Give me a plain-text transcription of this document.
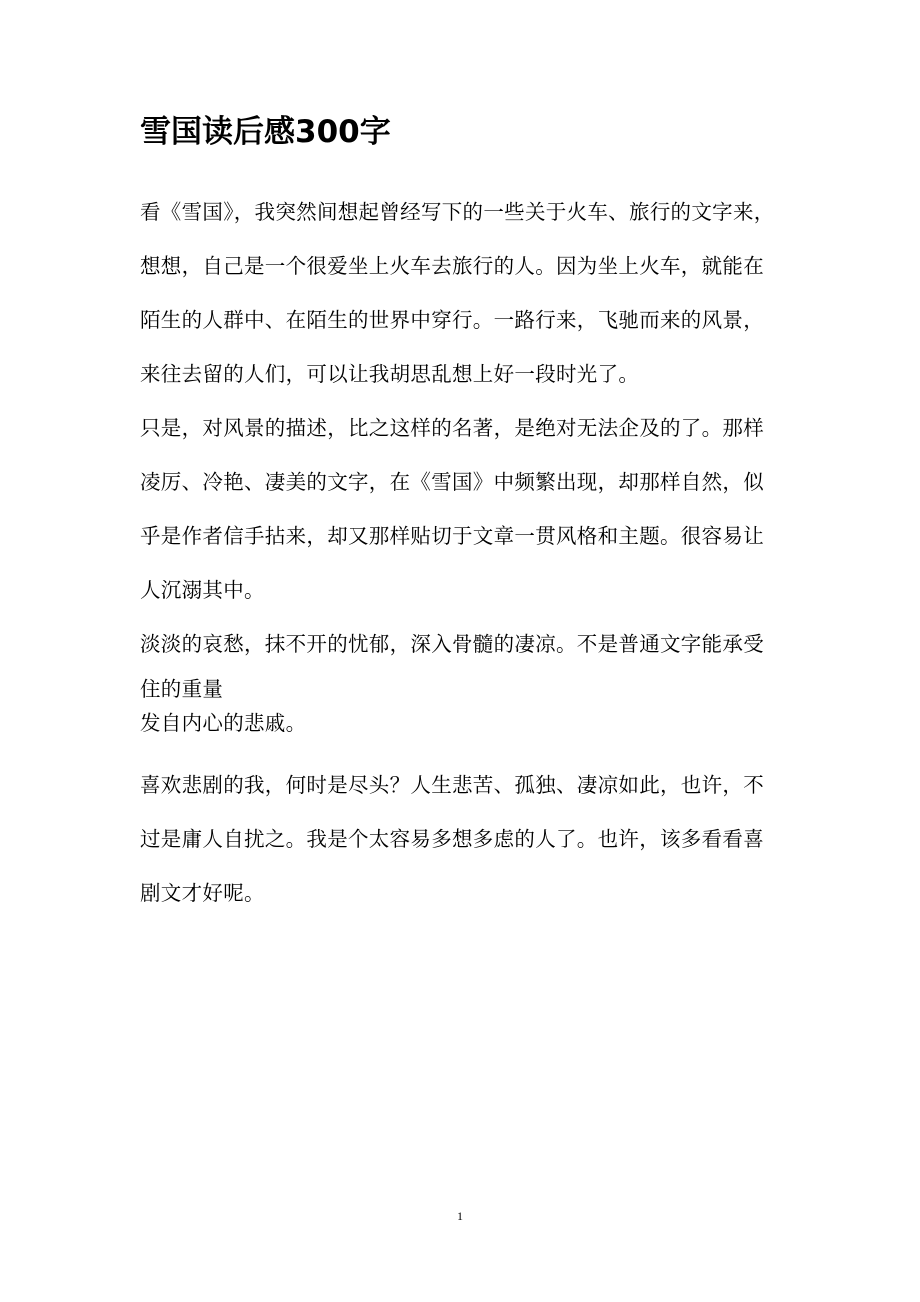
雪国读后感300字
看《雪国》，我突然间想起曾经写下的一些关于火车、旅行的文字来，
想想，自己是一个很爱坐上火车去旅行的人。因为坐上火车，就能在
陌生的人群中、在陌生的世界中穿行。一路行来，飞驰而来的风景，
来往去留的人们，可以让我胡思乱想上好一段时光了。
只是，对风景的描述，比之这样的名著，是绝对无法企及的了。那样
凌厉、冷艳、凄美的文字，在《雪国》中频繁出现，却那样自然，似
乎是作者信手拈来，却又那样贴切于文章一贯风格和主题。很容易让
人沉溺其中。
淡淡的哀愁，抹不开的忧郁，深入骨髓的凄凉。不是普通文字能承受
住的重量
发自内心的悲戚。
喜欢悲剧的我，何时是尽头？人生悲苦、孤独、凄凉如此，也许，不
过是庸人自扰之。我是个太容易多想多虑的人了。也许，该多看看喜
剧文才好呢。
1
